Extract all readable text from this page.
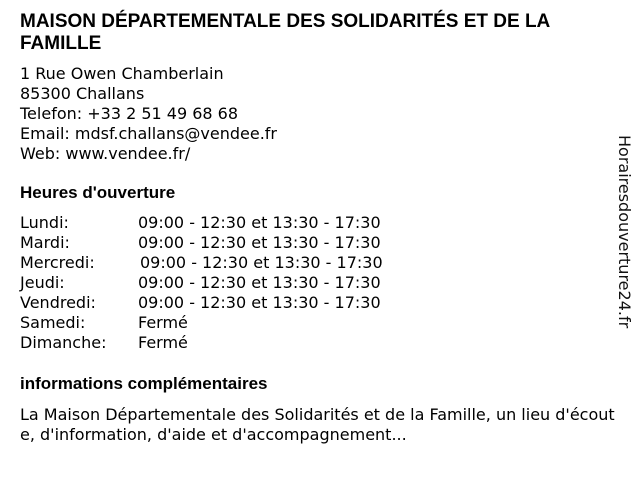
MAISON DÉPARTEMENTALE DES SOLIDARITÉS ET DE LA FAMILLE
1 Rue Owen Chamberlain
85300 Challans
Telefon: +33 2 51 49 68 68
Email: mdsf.challans@vendee.fr
Web: www.vendee.fr/
Heures d'ouverture
Lundi:	09:00 - 12:30 et 13:30 - 17:30
Mardi:	09:00 - 12:30 et 13:30 - 17:30
Mercredi:	09:00 - 12:30 et 13:30 - 17:30
Jeudi:	09:00 - 12:30 et 13:30 - 17:30
Vendredi:	09:00 - 12:30 et 13:30 - 17:30
Samedi:	Fermé
Dimanche: Fermé
informations complémentaires
La Maison Départementale des Solidarités et de la Famille, un lieu d'écoute, d'information, d'aide et d'accompagnement...
Horairesdouverture24.fr
